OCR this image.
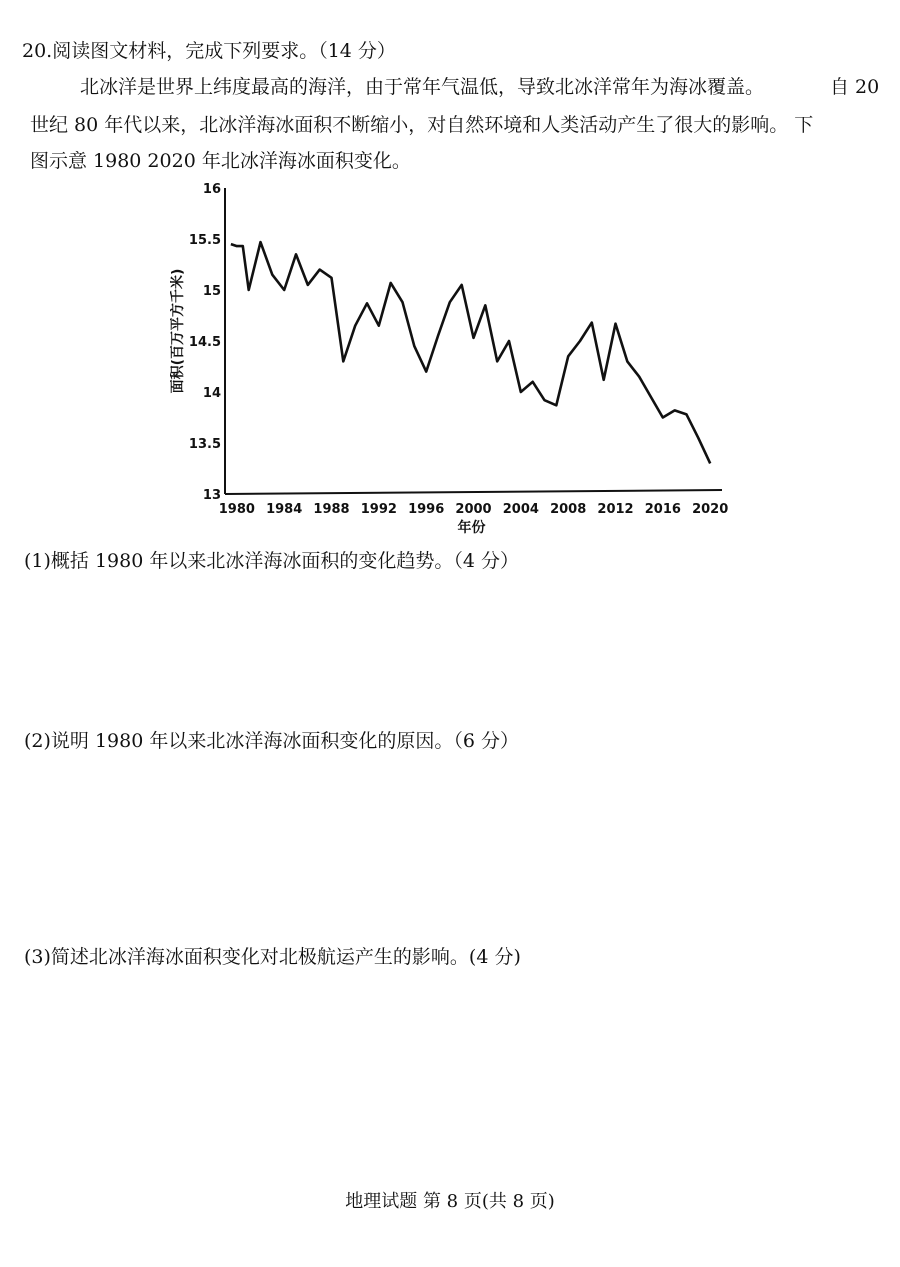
20.阅读图文材料，完成下列要求。（14 分）
北冰洋是世界上纬度最高的海洋，由于常年气温低，导致北冰洋常年为海冰覆盖。	自 20
世纪 80 年代以来，北冰洋海冰面积不断缩小，对自然环境和人类活动产生了很大的影响。 下
图示意 1980 2020 年北冰洋海冰面积变化。
面积(百万平方千米)
年份
1980 1984 1988 1992 1996 2000 2004 2008 2012 2016 2020
13
13.5
14
14.5
15
15.5
16
(1)概括 1980 年以来北冰洋海冰面积的变化趋势。（4 分）
(2)说明 1980 年以来北冰洋海冰面积变化的原因。（6 分）
(3)简述北冰洋海冰面积变化对北极航运产生的影响。(4 分)
地理试题 第 8 页(共 8 页)
